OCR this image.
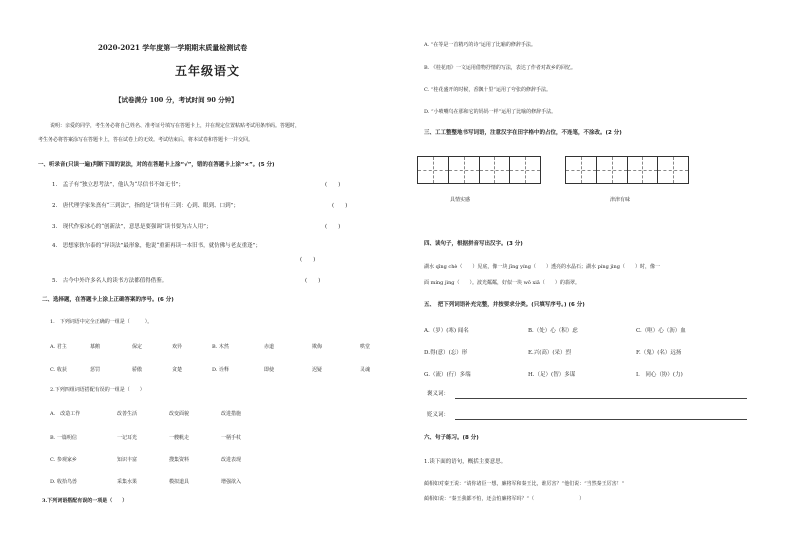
2020-2021 学年度第一学期期末质量检测试卷
五年级语文
【试卷满分 100 分，考试时间 90 分钟】
说明：亲爱的同学，考生务必将自己姓名、准考证号填写在答题卡上，并在规定位置粘贴考试用条形码。答题时，
考生务必将答案涂写在答题卡上，答在试卷上的无效。考试结束后，将本试卷和答题卡一并交回。
一、听录音(只读一遍)判断下面的说法，对的在答题卡上涂“√”，错的在答题卡上涂“×”。(5 分)
1.　孟子有“独立思考法”，他认为“尽信书不如无书”；	(　　)
2.　唐代理学家朱熹有“三到法”，指的是“读书有三到：心到、眼到、口到”；	(　　)
3.　现代作家冰心的“创新法”，意思是要强调“读书要为古人用”；	(　　)
4.　思想家狄尔泰的“异读法”最形象，他说“重新再读一本旧书，就仿佛与老友重逢”；
(　　)
5.　古今中外许多名人的读书方法都值得借鉴。	(　　)
二、选择题，在答题卡上涂上正确答案的序号。(6 分)
1.　下列词语中完全正确的一组是（　　　）。
A. 君主	慕鹅	保定	欢异	B. 木然	赤道	欺侮	哄堂
C. 收获	惩罚	骄傲	贪楚	D. 诠释	即使	迟疑	灵魂
2.下列四组词语搭配有误的一组是（　　）
A.　改造工作	改善生活	改变面貌	改进措施
B. 一篇明信	一记耳光	一艘帆走	一柄手杖
C. 参观家乡	知识丰富	搜集资料	改进表现
D. 收拾鸟兽	采集水果	模拟道具	增强欲入
3.下列词语搭配有误的一项是（　　）
A. “在等是一首精巧的诗”运用了比喻的修辞手法。
B. 《桂花雨》一文运用借物抒情的写法，表达了作者对故乡的回忆。
C. “桂花盛开的时候，香飘十里”运用了夸张的修辞手法。
D. “小喷嘴鸟在那和它的妈妈一样”运用了比喻的修辞手法。
三、工工整整地书写词语，注意汉字在田字格中的占位，不连笔，不涂改。(2 分)
具情实感	津津有味
四、读句子，根据拼音写出汉字。(3 分)
湖水 qīng chè（　　）见底，像一块 jīng yíng（　　）透亮的水晶石；湖水 píng jìng（　　）时，像一
面 míng jìng（　　）。波光粼粼，好似一块 wō xiā（　　）的翡翠。
五、　把下列词语补充完整，并按要求分类。(只填写序号。) (6 分)
A.（岁）(寒) 闻名	B.（处）心（积）虑	C.（呕）心（沥）血
D.得(意）(忘）形	E.兴(高）(采）烈	F.（鬼）(名）远扬
G.（流）(行）多端	H.（足）(智）多谋	I.　同心（协）(力)
褒义词：
贬义词：
六、句子练习。(8 分)
1.读下面的语句，概括主要意思。
蔺相如对秦王说：“请你诸臣一想，廉将军和秦王比，谁厉害？”他们说：“当然秦王厉害！”
蔺相如说：“秦王我都不怕，还会怕廉将军吗？”（　　　　　　　　　）
